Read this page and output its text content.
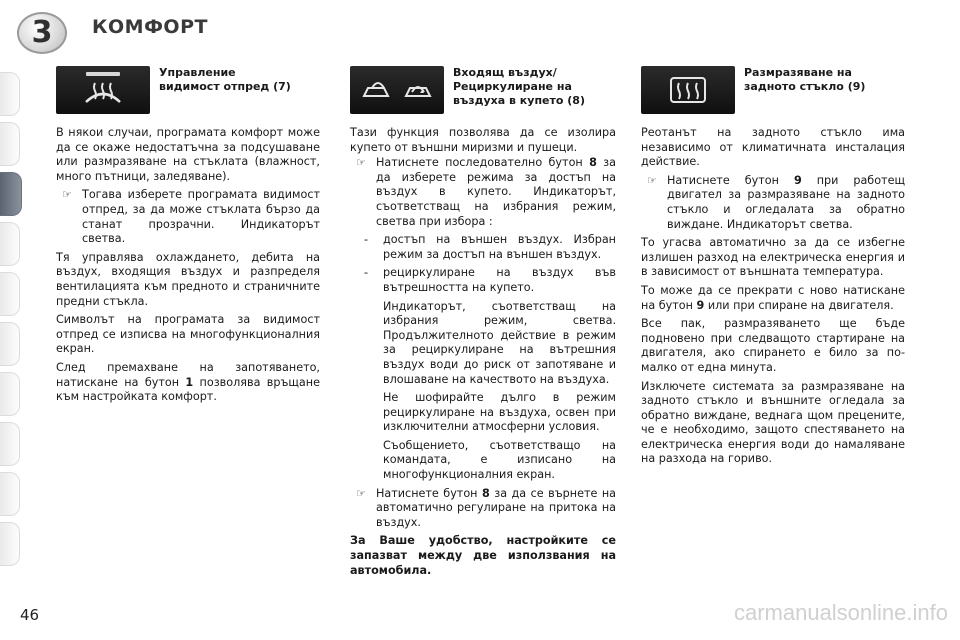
3	КОМФОРТ
Управление
видимост отпред (7)

В някои случаи, програмата комфорт може да се окаже недостатъчна за подсушаване или размразяване на стъклата (влажност, много пътници, заледяване).

☞ Тогава изберете програмата видимост отпред, за да може стъклата бързо да станат прозрачни. Индикаторът светва.

Тя управлява охлаждането, дебита на въздух, входящия въздух и разпределя вентилацията към предното и страничните предни стъкла.

Символът на програмата за видимост отпред се изписва на многофункционалния екран.

След премахване на запотяването, натискане на бутон 1 позволява връщане към настройката комфорт.

Входящ въздух/
Рециркулиране на
въздуха в купето (8)

Тази функция позволява да се изолира купето от външни миризми и пушеци.

☞ Натиснете последователно бутон 8 за да изберете режима за достъп на въздух в купето. Индикаторът, съответстващ на избрания режим, светва при избора :

- достъп на външен въздух. Избран режим за достъп на външен въздух.

- рециркулиране на въздух във вътрешността на купето.

Индикаторът, съответстващ на избрания режим, светва. Продължителното действие в режим за рециркулиране на вътрешния въздух води до риск от запотяване и влошаване на качеството на въздуха.

Не шофирайте дълго в режим рециркулиране на въздуха, освен при изключителни атмосферни условия.

Съобщението, съответстващо на командата, е изписано на многофункционалния екран.

☞ Натиснете бутон 8 за да се върнете на автоматично регулиране на притока на въздух.

За Ваше удобство, настройките се запазват между две използвания на автомобила.

Размразяване на
задното стъкло (9)

Реотанът на задното стъкло има независимо от климатичната инсталация действие.

☞ Натиснете бутон 9 при работещ двигател за размразяване на задното стъкло и огледалата за обратно виждане. Индикаторът светва.

То угасва автоматично за да се избегне излишен разход на електрическа енергия и в зависимост от външната температура.

То може да се прекрати с ново натискане на бутон 9 или при спиране на двигателя.

Все пак, размразяването ще бъде подновено при следващото стартиране на двигателя, ако спирането е било за по-малко от една минута.

Изключете системата за размразяване на задното стъкло и външните огледала за обратно виждане, веднага щом прецените, че е необходимо, защото спестяването на електрическа енергия води до намаляване на разхода на гориво.

46	carmanualsonline.info
